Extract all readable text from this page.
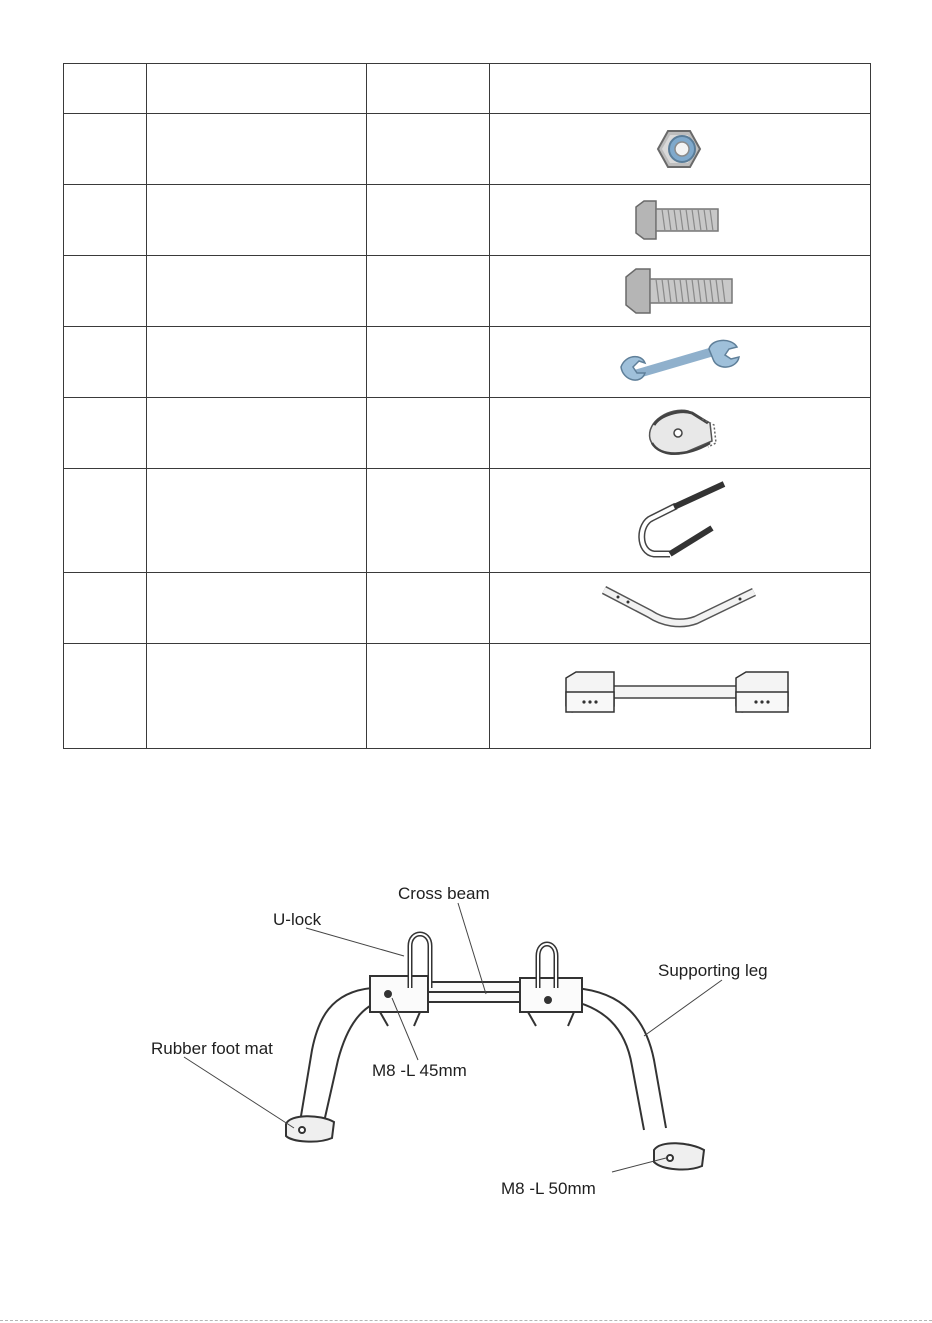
Cross beam
U-lock
Supporting leg
Rubber foot mat
M8 -L 45mm
M8 -L 50mm
